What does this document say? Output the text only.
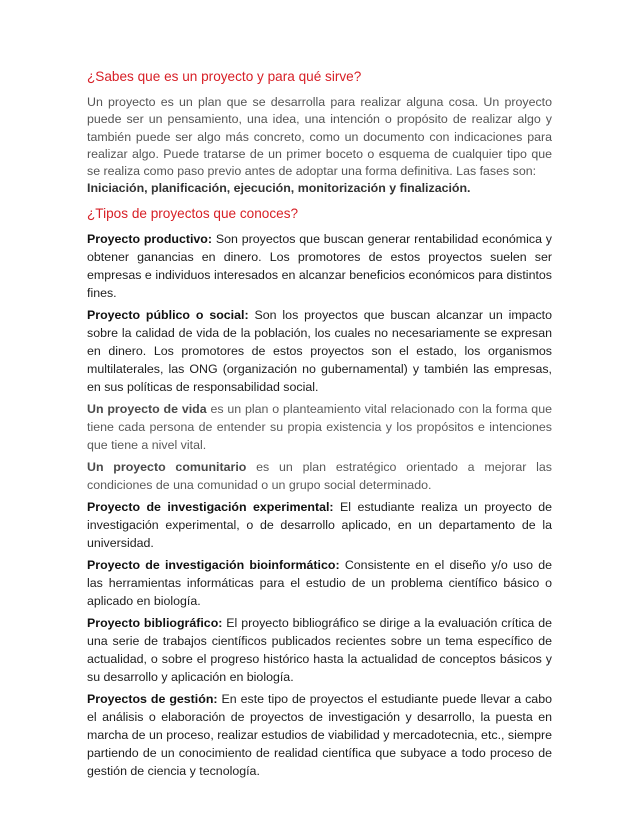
¿Sabes que es un proyecto y para qué sirve?

Un proyecto es un plan que se desarrolla para realizar alguna cosa. Un proyecto puede ser un pensamiento, una idea, una intención o propósito de realizar algo y también puede ser algo más concreto, como un documento con indicaciones para realizar algo. Puede tratarse de un primer boceto o esquema de cualquier tipo que se realiza como paso previo antes de adoptar una forma definitiva. Las fases son:
Iniciación, planificación, ejecución, monitorización y finalización.

¿Tipos de proyectos que conoces?

Proyecto productivo: Son proyectos que buscan generar rentabilidad económica y obtener ganancias en dinero. Los promotores de estos proyectos suelen ser empresas e individuos interesados en alcanzar beneficios económicos para distintos fines.

Proyecto público o social: Son los proyectos que buscan alcanzar un impacto sobre la calidad de vida de la población, los cuales no necesariamente se expresan en dinero. Los promotores de estos proyectos son el estado, los organismos multilaterales, las ONG (organización no gubernamental) y también las empresas, en sus políticas de responsabilidad social.

Un proyecto de vida es un plan o planteamiento vital relacionado con la forma que tiene cada persona de entender su propia existencia y los propósitos e intenciones que tiene a nivel vital.

Un proyecto comunitario es un plan estratégico orientado a mejorar las condiciones de una comunidad o un grupo social determinado.

Proyecto de investigación experimental: El estudiante realiza un proyecto de investigación experimental, o de desarrollo aplicado, en un departamento de la universidad.

Proyecto de investigación bioinformático: Consistente en el diseño y/o uso de las herramientas informáticas para el estudio de un problema científico básico o aplicado en biología.

Proyecto bibliográfico: El proyecto bibliográfico se dirige a la evaluación crítica de una serie de trabajos científicos publicados recientes sobre un tema específico de actualidad, o sobre el progreso histórico hasta la actualidad de conceptos básicos y su desarrollo y aplicación en biología.

Proyectos de gestión: En este tipo de proyectos el estudiante puede llevar a cabo el análisis o elaboración de proyectos de investigación y desarrollo, la puesta en marcha de un proceso, realizar estudios de viabilidad y mercadotecnia, etc., siempre partiendo de un conocimiento de realidad científica que subyace a todo proceso de gestión de ciencia y tecnología.
